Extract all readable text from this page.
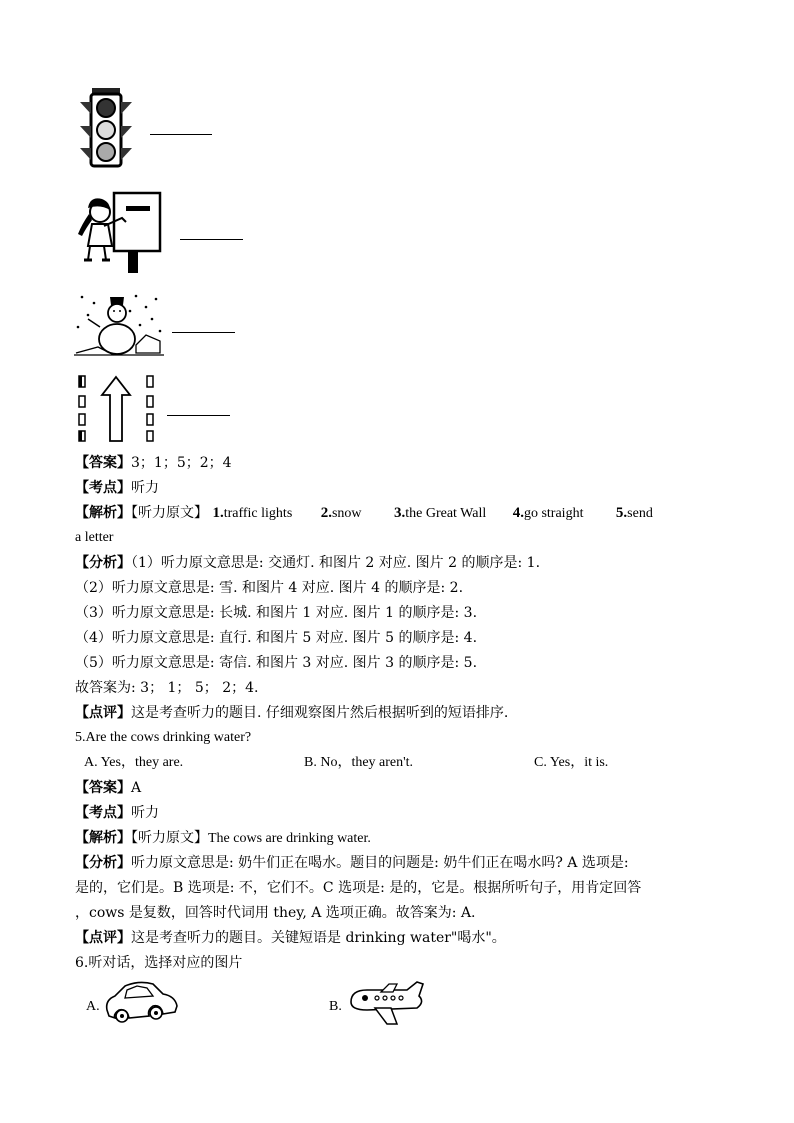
【答案】3；1；5；2；4
【考点】听力
【解析】【听力原文】 1.traffic lights 2.snow 3.the Great Wall 4.go straight 5.send
a letter
【分析】（1）听力原文意思是: 交通灯. 和图片 2 对应. 图片 2 的顺序是: 1.
（2）听力原文意思是: 雪. 和图片 4 对应. 图片 4 的顺序是: 2.
（3）听力原文意思是: 长城. 和图片 1 对应. 图片 1 的顺序是: 3.
（4）听力原文意思是: 直行. 和图片 5 对应. 图片 5 的顺序是: 4.
（5）听力原文意思是: 寄信. 和图片 3 对应. 图片 3 的顺序是: 5.
故答案为: 3； 1； 5； 2；4.
【点评】这是考查听力的题目. 仔细观察图片然后根据听到的短语排序.
5.Are the cows drinking water?
A. Yes，they are.	B. No，they aren't.	C. Yes，it is.
【答案】A
【考点】听力
【解析】【听力原文】The cows are drinking water.
【分析】听力原文意思是: 奶牛们正在喝水。题目的问题是: 奶牛们正在喝水吗? A 选项是:
是的，它们是。B 选项是: 不，它们不。C 选项是: 是的，它是。根据所听句子，用肯定回答
，cows 是复数，回答时代词用 they, A 选项正确。故答案为: A.
【点评】这是考查听力的题目。关键短语是 drinking water"喝水"。
6.听对话，选择对应的图片
A.	B.
